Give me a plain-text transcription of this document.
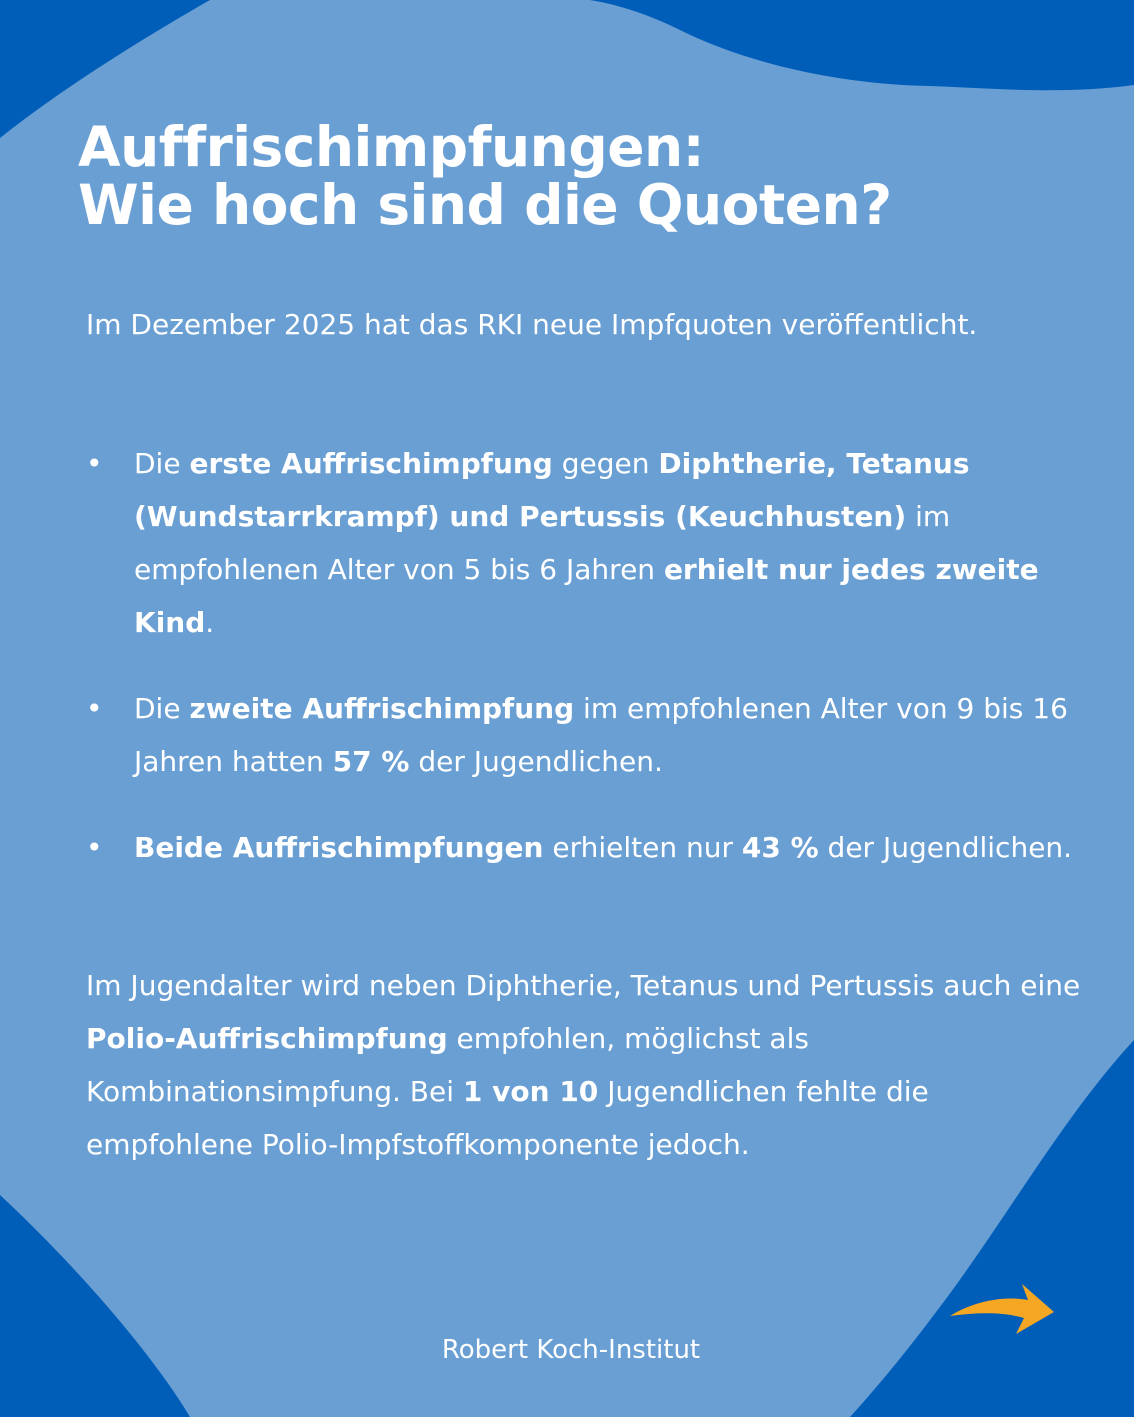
Auffrischimpfungen:
Wie hoch sind die Quoten?

Im Dezember 2025 hat das RKI neue Impfquoten veröffentlicht.

• Die erste Auffrischimpfung gegen Diphtherie, Tetanus (Wundstarrkrampf) und Pertussis (Keuchhusten) im empfohlenen Alter von 5 bis 6 Jahren erhielt nur jedes zweite Kind.
• Die zweite Auffrischimpfung im empfohlenen Alter von 9 bis 16 Jahren hatten 57 % der Jugendlichen.
• Beide Auffrischimpfungen erhielten nur 43 % der Jugendlichen.

Im Jugendalter wird neben Diphtherie, Tetanus und Pertussis auch eine Polio-Auffrischimpfung empfohlen, möglichst als Kombinationsimpfung. Bei 1 von 10 Jugendlichen fehlte die empfohlene Polio-Impfstoffkomponente jedoch.

Robert Koch-Institut
